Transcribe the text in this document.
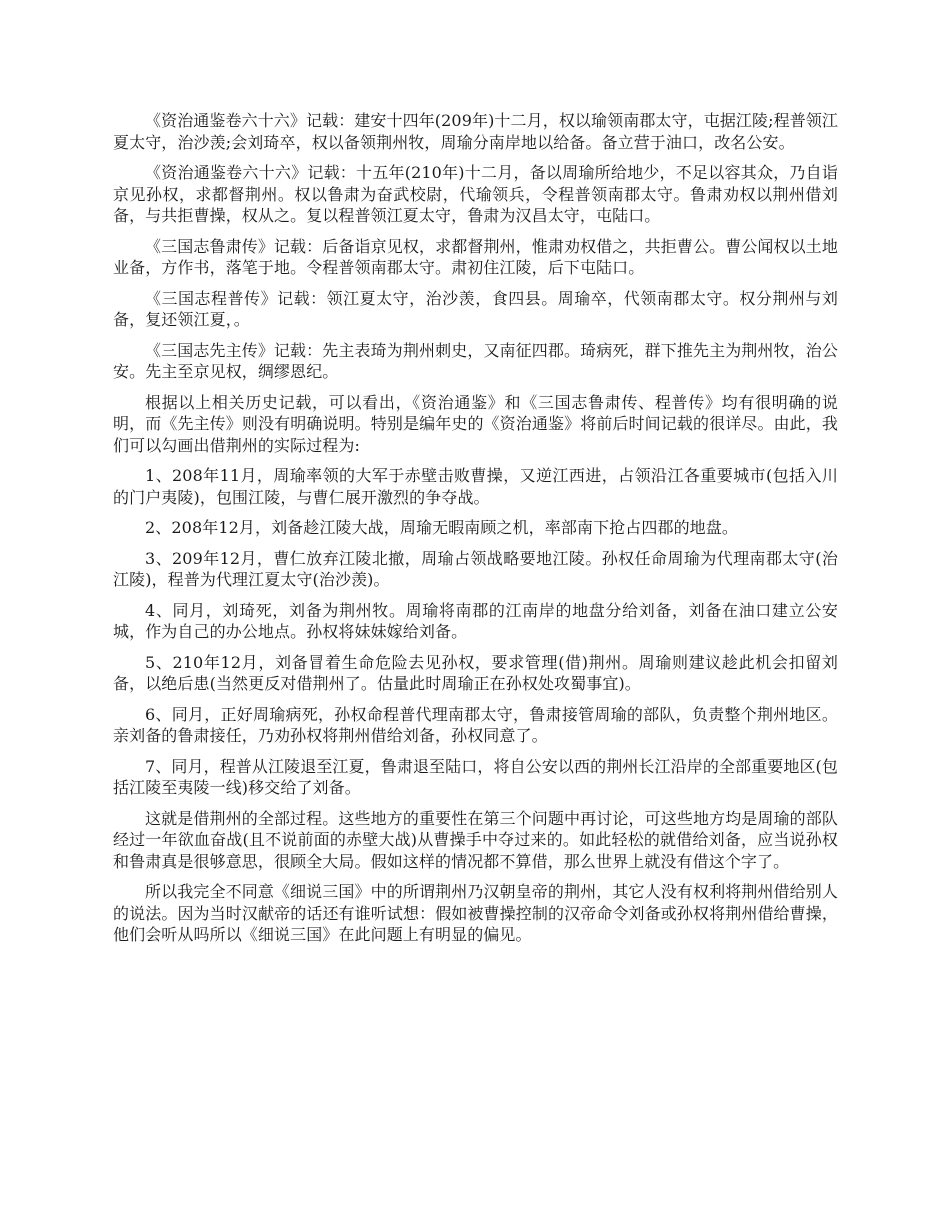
《资治通鉴卷六十六》记载：建安十四年(209年)十二月，权以瑜领南郡太守，屯据江陵;程普领江夏太守，治沙羡;会刘琦卒，权以备领荆州牧，周瑜分南岸地以给备。备立营于油口，改名公安。

《资治通鉴卷六十六》记载：十五年(210年)十二月，备以周瑜所给地少，不足以容其众，乃自诣京见孙权，求都督荆州。权以鲁肃为奋武校尉，代瑜领兵，令程普领南郡太守。鲁肃劝权以荆州借刘备，与共拒曹操，权从之。复以程普领江夏太守，鲁肃为汉昌太守，屯陆口。

《三国志鲁肃传》记载：后备诣京见权，求都督荆州，惟肃劝权借之，共拒曹公。曹公闻权以土地业备，方作书，落笔于地。令程普领南郡太守。肃初住江陵，后下屯陆口。

《三国志程普传》记载：领江夏太守，治沙羡，食四县。周瑜卒，代领南郡太守。权分荆州与刘备，复还领江夏，。

《三国志先主传》记载：先主表琦为荆州刺史，又南征四郡。琦病死，群下推先主为荆州牧，治公安。先主至京见权，绸缪恩纪。

根据以上相关历史记载，可以看出，《资治通鉴》和《三国志鲁肃传、程普传》均有很明确的说明，而《先主传》则没有明确说明。特别是编年史的《资治通鉴》将前后时间记载的很详尽。由此，我们可以勾画出借荆州的实际过程为:

1、208年11月，周瑜率领的大军于赤壁击败曹操，又逆江西进，占领沿江各重要城市(包括入川的门户夷陵)，包围江陵，与曹仁展开激烈的争夺战。

2、208年12月，刘备趁江陵大战，周瑜无暇南顾之机，率部南下抢占四郡的地盘。

3、209年12月，曹仁放弃江陵北撤，周瑜占领战略要地江陵。孙权任命周瑜为代理南郡太守(治江陵)，程普为代理江夏太守(治沙羡)。

4、同月，刘琦死，刘备为荆州牧。周瑜将南郡的江南岸的地盘分给刘备，刘备在油口建立公安城，作为自己的办公地点。孙权将妹妹嫁给刘备。

5、210年12月，刘备冒着生命危险去见孙权，要求管理(借)荆州。周瑜则建议趁此机会扣留刘备，以绝后患(当然更反对借荆州了。估量此时周瑜正在孙权处攻蜀事宜)。

6、同月，正好周瑜病死，孙权命程普代理南郡太守，鲁肃接管周瑜的部队，负责整个荆州地区。亲刘备的鲁肃接任，乃劝孙权将荆州借给刘备，孙权同意了。

7、同月，程普从江陵退至江夏，鲁肃退至陆口，将自公安以西的荆州长江沿岸的全部重要地区(包括江陵至夷陵一线)移交给了刘备。

这就是借荆州的全部过程。这些地方的重要性在第三个问题中再讨论，可这些地方均是周瑜的部队经过一年欲血奋战(且不说前面的赤壁大战)从曹操手中夺过来的。如此轻松的就借给刘备，应当说孙权和鲁肃真是很够意思，很顾全大局。假如这样的情况都不算借，那么世界上就没有借这个字了。

所以我完全不同意《细说三国》中的所谓荆州乃汉朝皇帝的荆州，其它人没有权利将荆州借给别人的说法。因为当时汉献帝的话还有谁听试想：假如被曹操控制的汉帝命令刘备或孙权将荆州借给曹操，他们会听从吗所以《细说三国》在此问题上有明显的偏见。
